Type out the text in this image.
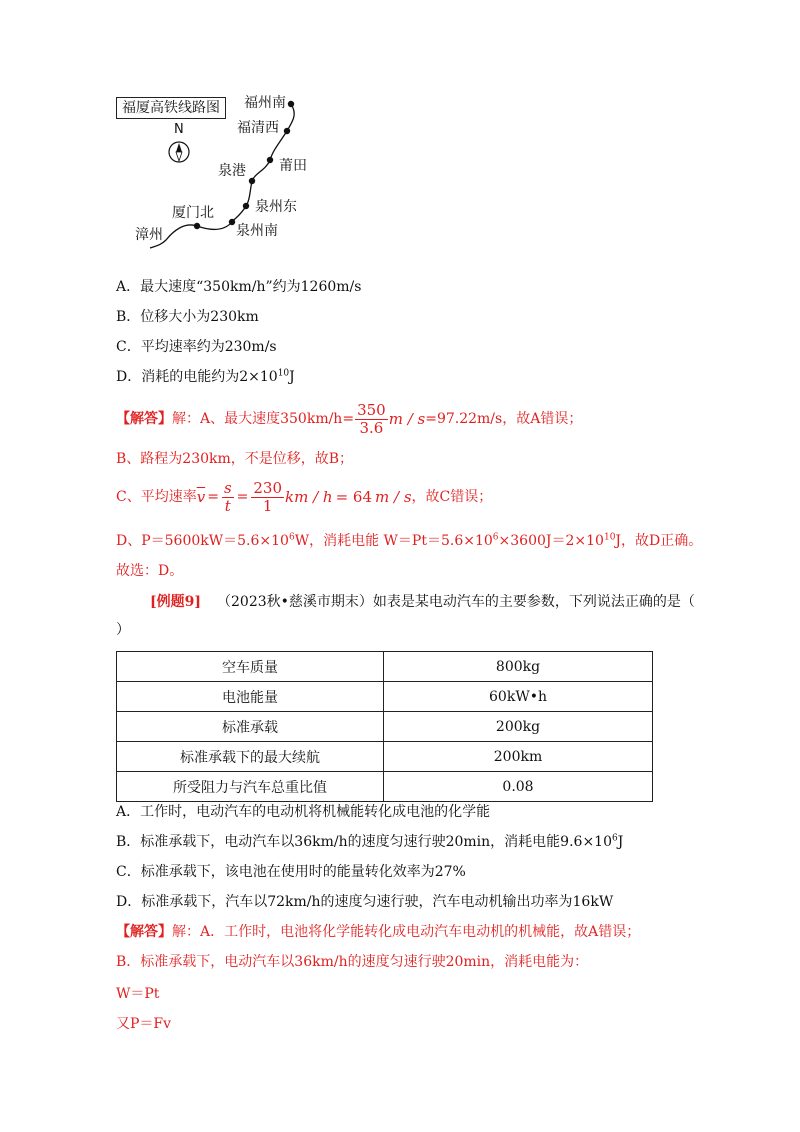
福厦高铁线路图
N
福州南
福清西
莆田
泉港
泉州东
泉州南
厦门北
漳州
A．最大速度“350km/h”约为1260m/s
B．位移大小为230km
C．平均速率约为230m/s
D．消耗的电能约为$2\times 10^{10}J$
【解答】 解：A、最大速度$350km/h= \frac{350}{3.6}$ m / s =97.22m/s，故A错误；
B、路程为230km，不是位移，故B；
C、平均速率 $\overline{v} = \frac{s}{t} = \frac{230}{1}$ km / h = 64 m / s ，故C错误；
D、$P=5600kW=5.6\times 10^6W$，消耗电能 $W=Pt=5.6\times 10^6\times 3600J=2\times 10^{10}J$，故D正确。
故选：D。
[例题9] （2023秋•慈溪市期末）如表是某电动汽车的主要参数，下列说法正确的是（
）
空车质量	800kg
电池能量	60kW•h
标准承载	200kg
标准承载下的最大续航	200km
所受阻力与汽车总重比值	0.08
A．工作时，电动汽车的电动机将机械能转化成电池的化学能
B．标准承载下，电动汽车以36km/h的速度匀速行驶20min，消耗电能$9.6\times 10^6J$
C．标准承载下，该电池在使用时的能量转化效率为27%
D．标准承载下，汽车以72km/h的速度匀速行驶，汽车电动机输出功率为16kW
【解答】解：A．工作时，电池将化学能转化成电动汽车电动机的机械能，故A错误；
B．标准承载下，电动汽车以36km/h的速度匀速行驶20min，消耗电能为：
W＝Pt
又P＝Fv
